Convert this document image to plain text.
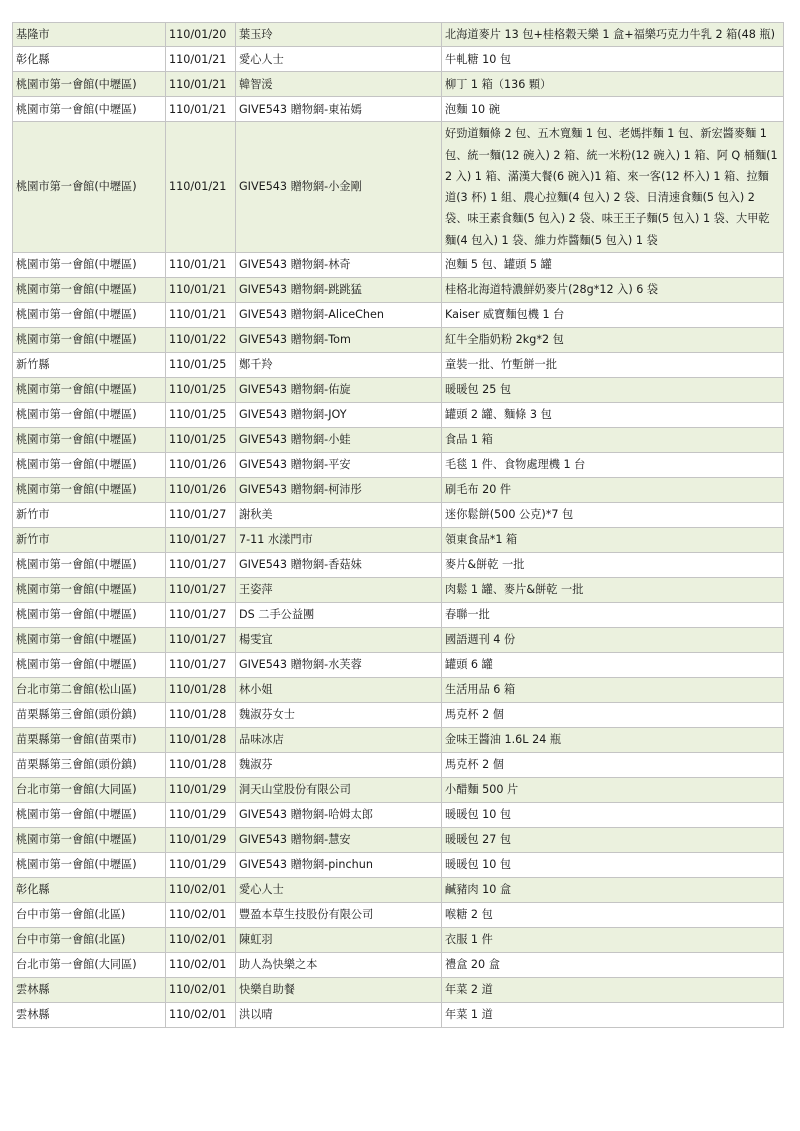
基隆市	110/01/20	葉玉玲	北海道麥片 13 包+桂格穀天樂 1 盒+福樂巧克力牛乳 2 箱(48 瓶)
彰化縣	110/01/21	愛心人士	牛軋糖 10 包
桃園市第一會館(中壢區)	110/01/21	韓智湲	柳丁 1 箱（136 顆）
桃園市第一會館(中壢區)	110/01/21	GIVE543 贈物網-東祐嫣	泡麵 10 碗
桃園市第一會館(中壢區)	110/01/21	GIVE543 贈物網-小金剛	好勁道麵條 2 包、五木寬麵 1 包、老媽拌麵 1 包、新宏醬麥麵 1 包、統一麵(12 碗入) 2 箱、統一米粉(12 碗入) 1 箱、阿 Q 桶麵(12 入) 1 箱、滿漢大餐(6 碗入)1 箱、來一客(12 杯入) 1 箱、拉麵道(3 杯) 1 組、農心拉麵(4 包入) 2 袋、日清速食麵(5 包入) 2 袋、味王素食麵(5 包入) 2 袋、味王王子麵(5 包入) 1 袋、大甲乾麵(4 包入) 1 袋、維力炸醬麵(5 包入) 1 袋
桃園市第一會館(中壢區)	110/01/21	GIVE543 贈物網-林奇	泡麵 5 包、罐頭 5 罐
桃園市第一會館(中壢區)	110/01/21	GIVE543 贈物網-跳跳猛	桂格北海道特濃鮮奶麥片(28g*12 入) 6 袋
桃園市第一會館(中壢區)	110/01/21	GIVE543 贈物網-AliceChen	Kaiser 威寶麵包機 1 台
桃園市第一會館(中壢區)	110/01/22	GIVE543 贈物網-Tom	紅牛全脂奶粉 2kg*2 包
新竹縣	110/01/25	鄭千羚	童裝一批、竹塹餅一批
桃園市第一會館(中壢區)	110/01/25	GIVE543 贈物網-佑旋	暖暖包 25 包
桃園市第一會館(中壢區)	110/01/25	GIVE543 贈物網-JOY	罐頭 2 罐、麵條 3 包
桃園市第一會館(中壢區)	110/01/25	GIVE543 贈物網-小蛙	食品 1 箱
桃園市第一會館(中壢區)	110/01/26	GIVE543 贈物網-平安	毛毯 1 件、食物處理機 1 台
桃園市第一會館(中壢區)	110/01/26	GIVE543 贈物網-柯沛彤	刷毛布 20 件
新竹市	110/01/27	謝秋美	迷你鬆餅(500 公克)*7 包
新竹市	110/01/27	7-11 水漾門市	領東食品*1 箱
桃園市第一會館(中壢區)	110/01/27	GIVE543 贈物網-香菇妹	麥片&餅乾 一批
桃園市第一會館(中壢區)	110/01/27	王姿萍	肉鬆 1 罐、麥片&餅乾 一批
桃園市第一會館(中壢區)	110/01/27	DS 二手公益團	春聯一批
桃園市第一會館(中壢區)	110/01/27	楊雯宜	國語週刊 4 份
桃園市第一會館(中壢區)	110/01/27	GIVE543 贈物網-水芙蓉	罐頭 6 罐
台北市第二會館(松山區)	110/01/28	林小姐	生活用品 6 箱
苗栗縣第三會館(頭份鎮)	110/01/28	魏淑芬女士	馬克杯 2 個
苗栗縣第一會館(苗栗市)	110/01/28	品味冰店	金味王醬油 1.6L 24 瓶
苗栗縣第三會館(頭份鎮)	110/01/28	魏淑芬	馬克杯 2 個
台北市第一會館(大同區)	110/01/29	洞天山堂股份有限公司	小醋麵 500 片
桃園市第一會館(中壢區)	110/01/29	GIVE543 贈物網-哈姆太郎	暖暖包 10 包
桃園市第一會館(中壢區)	110/01/29	GIVE543 贈物網-慧安	暖暖包 27 包
桃園市第一會館(中壢區)	110/01/29	GIVE543 贈物網-pinchun	暖暖包 10 包
彰化縣	110/02/01	愛心人士	鹹豬肉 10 盒
台中市第一會館(北區)	110/02/01	豐盈本草生技股份有限公司	喉糖 2 包
台中市第一會館(北區)	110/02/01	陳虹羽	衣服 1 件
台北市第一會館(大同區)	110/02/01	助人為快樂之本	禮盒 20 盒
雲林縣	110/02/01	快樂自助餐	年菜 2 道
雲林縣	110/02/01	洪以晴	年菜 1 道
